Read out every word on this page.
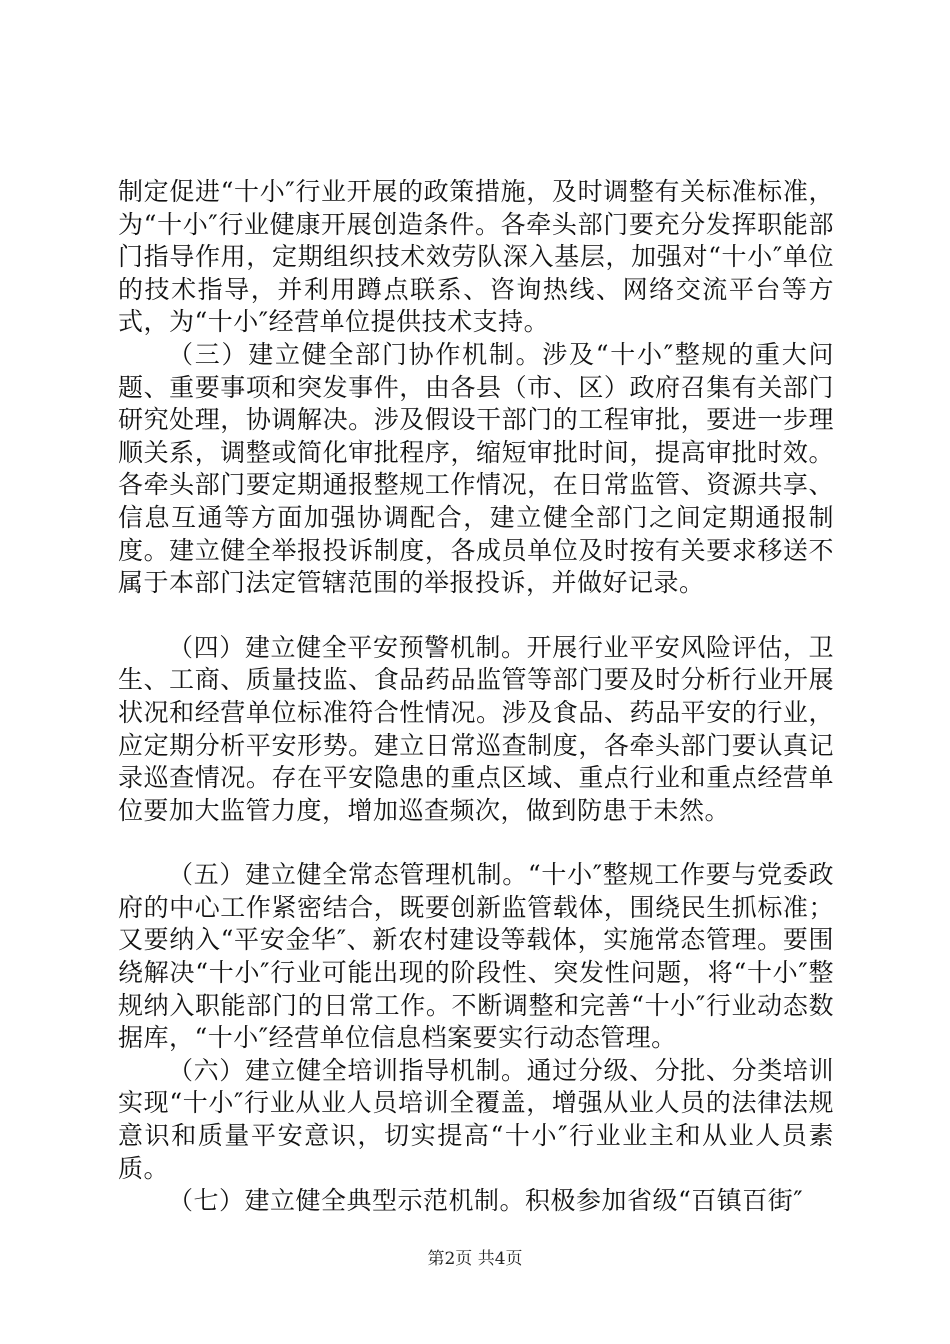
制定促进“十小″行业开展的政策措施，及时调整有关标准标准，为“十小″行业健康开展创造条件。各牵头部门要充分发挥职能部门指导作用，定期组织技术效劳队深入基层，加强对“十小″单位的技术指导，并利用蹲点联系、咨询热线、网络交流平台等方式，为“十小″经营单位提供技术支持。

（三）建立健全部门协作机制。涉及“十小″整规的重大问题、重要事项和突发事件，由各县（市、区）政府召集有关部门研究处理，协调解决。涉及假设干部门的工程审批，要进一步理顺关系，调整或简化审批程序，缩短审批时间，提高审批时效。各牵头部门要定期通报整规工作情况，在日常监管、资源共享、信息互通等方面加强协调配合，建立健全部门之间定期通报制度。建立健全举报投诉制度，各成员单位及时按有关要求移送不属于本部门法定管辖范围的举报投诉，并做好记录。

（四）建立健全平安预警机制。开展行业平安风险评估，卫生、工商、质量技监、食品药品监管等部门要及时分析行业开展状况和经营单位标准符合性情况。涉及食品、药品平安的行业，应定期分析平安形势。建立日常巡查制度，各牵头部门要认真记录巡查情况。存在平安隐患的重点区域、重点行业和重点经营单位要加大监管力度，增加巡查频次，做到防患于未然。

（五）建立健全常态管理机制。“十小″整规工作要与党委政府的中心工作紧密结合，既要创新监管载体，围绕民生抓标准；又要纳入“平安金华″、新农村建设等载体，实施常态管理。要围绕解决“十小″行业可能出现的阶段性、突发性问题，将“十小″整规纳入职能部门的日常工作。不断调整和完善“十小″行业动态数据库，“十小″经营单位信息档案要实行动态管理。

（六）建立健全培训指导机制。通过分级、分批、分类培训实现“十小″行业从业人员培训全覆盖，增强从业人员的法律法规意识和质量平安意识，切实提高“十小″行业业主和从业人员素质。

（七）建立健全典型示范机制。积极参加省级“百镇百街″

第2页 共4页
